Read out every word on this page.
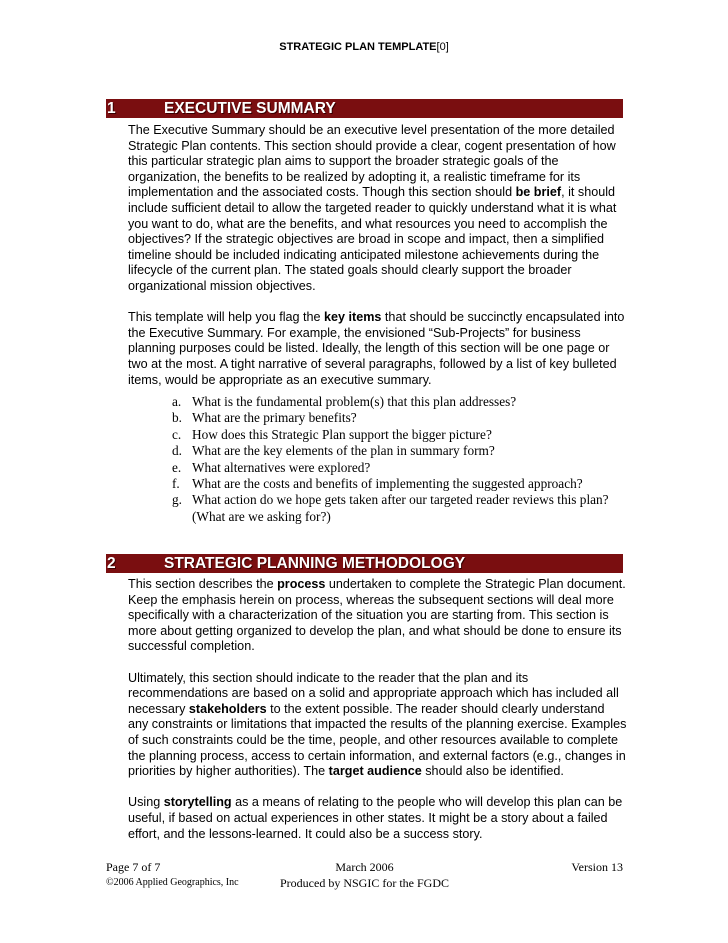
STRATEGIC PLAN TEMPLATE[0]
1	EXECUTIVE SUMMARY

The Executive Summary should be an executive level presentation of the more detailed Strategic Plan contents. This section should provide a clear, cogent presentation of how this particular strategic plan aims to support the broader strategic goals of the organization, the benefits to be realized by adopting it, a realistic timeframe for its implementation and the associated costs. Though this section should be brief, it should include sufficient detail to allow the targeted reader to quickly understand what it is what you want to do, what are the benefits, and what resources you need to accomplish the objectives? If the strategic objectives are broad in scope and impact, then a simplified timeline should be included indicating anticipated milestone achievements during the lifecycle of the current plan. The stated goals should clearly support the broader organizational mission objectives.

This template will help you flag the key items that should be succinctly encapsulated into the Executive Summary. For example, the envisioned “Sub-Projects” for business planning purposes could be listed. Ideally, the length of this section will be one page or two at the most. A tight narrative of several paragraphs, followed by a list of key bulleted items, would be appropriate as an executive summary.

a. What is the fundamental problem(s) that this plan addresses?
b. What are the primary benefits?
c. How does this Strategic Plan support the bigger picture?
d. What are the key elements of the plan in summary form?
e. What alternatives were explored?
f. What are the costs and benefits of implementing the suggested approach?
g. What action do we hope gets taken after our targeted reader reviews this plan? (What are we asking for?)
2	STRATEGIC PLANNING METHODOLOGY

This section describes the process undertaken to complete the Strategic Plan document. Keep the emphasis herein on process, whereas the subsequent sections will deal more specifically with a characterization of the situation you are starting from. This section is more about getting organized to develop the plan, and what should be done to ensure its successful completion.

Ultimately, this section should indicate to the reader that the plan and its recommendations are based on a solid and appropriate approach which has included all necessary stakeholders to the extent possible. The reader should clearly understand any constraints or limitations that impacted the results of the planning exercise. Examples of such constraints could be the time, people, and other resources available to complete the planning process, access to certain information, and external factors (e.g., changes in priorities by higher authorities). The target audience should also be identified.

Using storytelling as a means of relating to the people who will develop this plan can be useful, if based on actual experiences in other states. It might be a story about a failed effort, and the lessons-learned. It could also be a success story.

Page 7 of 7	March 2006	Version 13
©2006 Applied Geographics, Inc	Produced by NSGIC for the FGDC
